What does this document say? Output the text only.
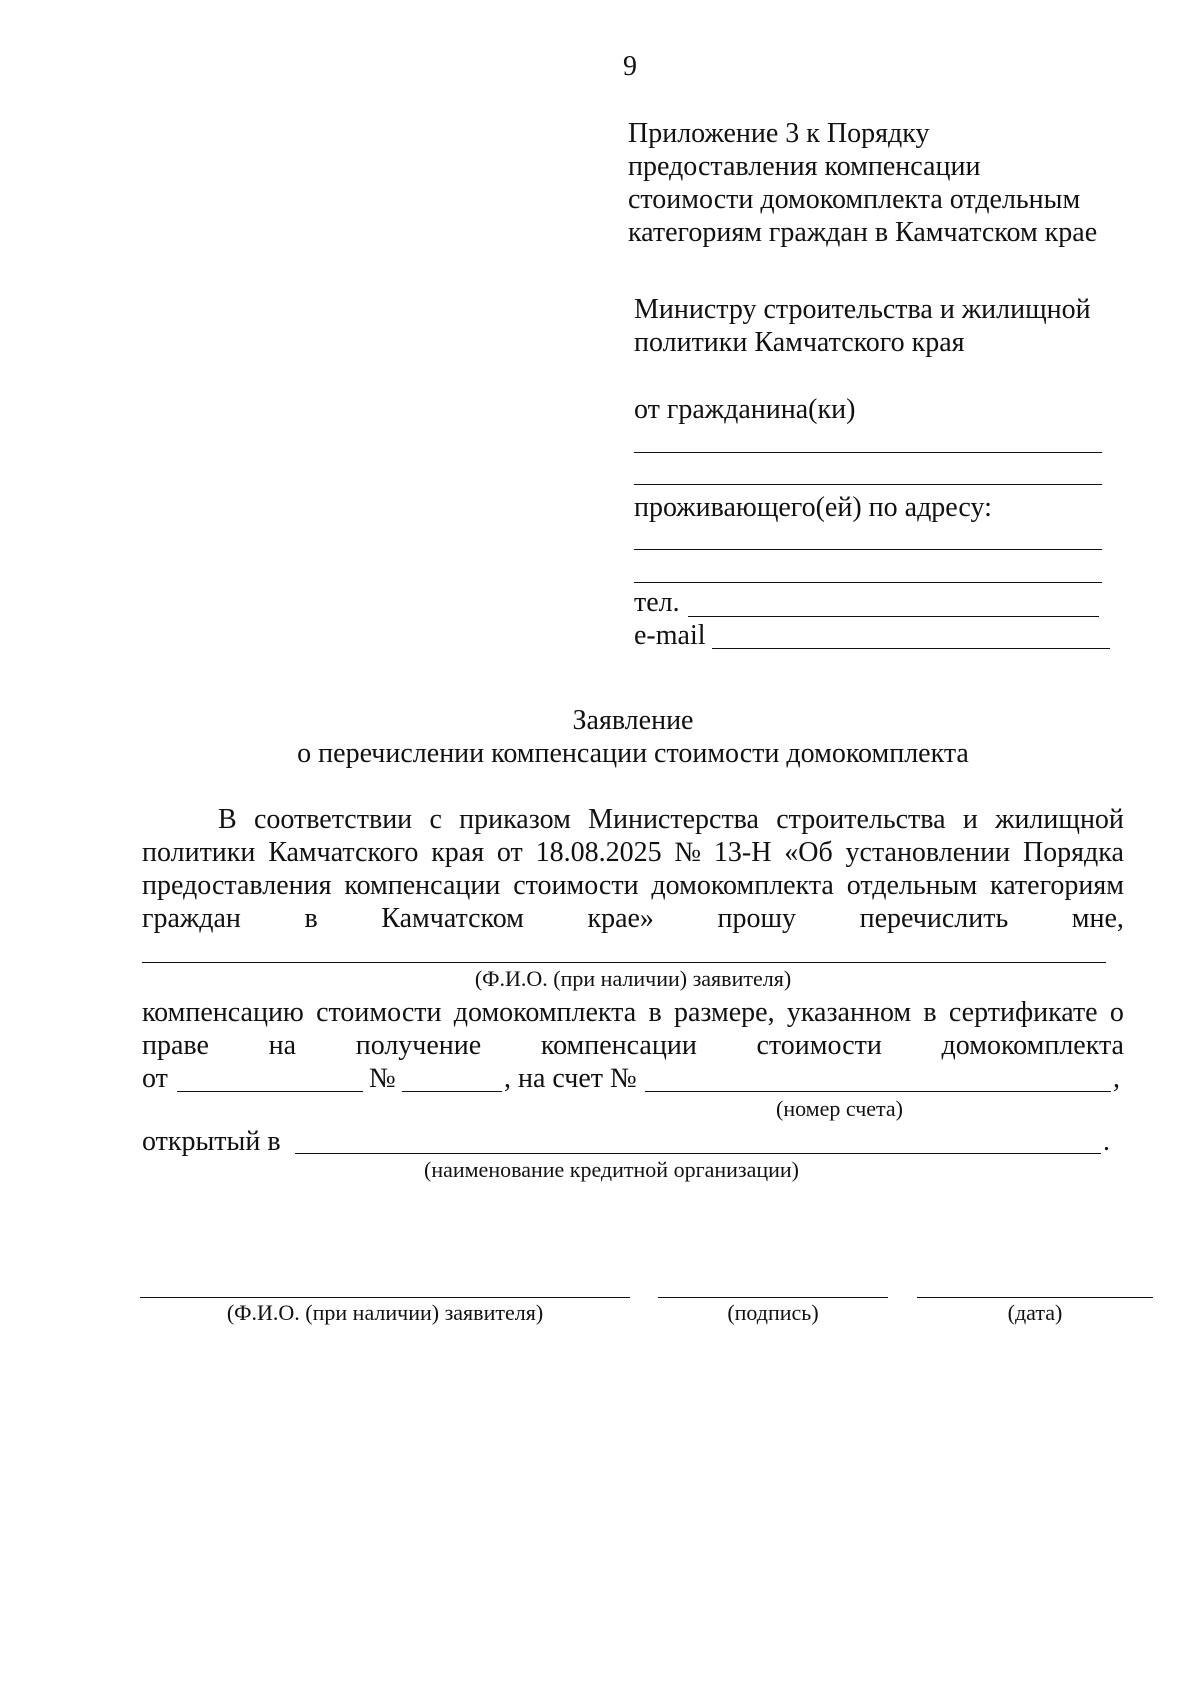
9
Приложение 3 к Порядку
предоставления компенсации
стоимости домокомплекта отдельным
категориям граждан в Камчатском крае
Министру строительства и жилищной
политики Камчатского края
от гражданина(ки)
проживающего(ей) по адресу:
тел.
e-mail
Заявление
о перечислении компенсации стоимости домокомплекта
В соответствии с приказом Министерства строительства и жилищной
политики Камчатского края от 18.08.2025 № 13-Н «Об установлении Порядка
предоставления компенсации стоимости домокомплекта отдельным категориям
граждан в Камчатском крае» прошу перечислить мне,
(Ф.И.О. (при наличии) заявителя)
компенсацию стоимости домокомплекта в размере, указанном в сертификате о
праве на получение компенсации стоимости домокомплекта
от	№	, на счет №	,
(номер счета)
открытый в	.
(наименование кредитной организации)
(Ф.И.О. (при наличии) заявителя)	(подпись)	(дата)
